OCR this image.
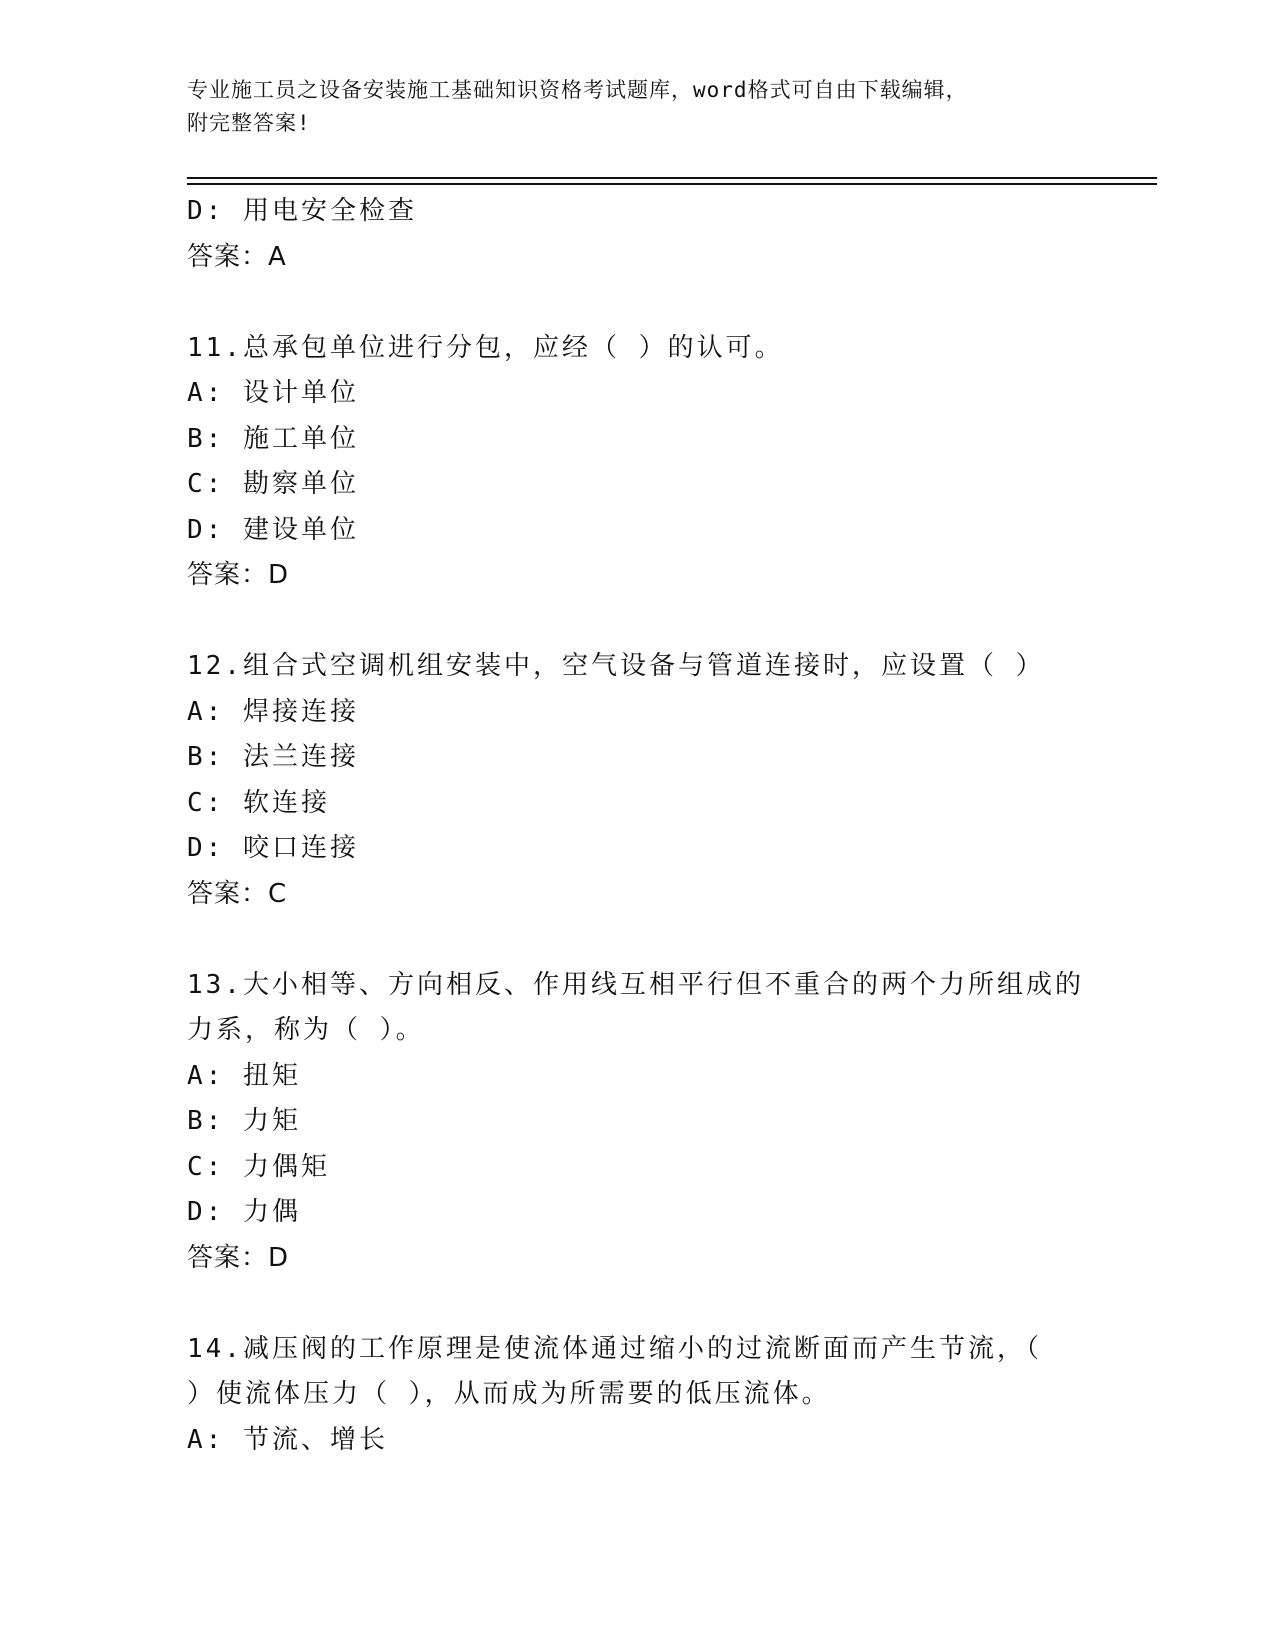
专业施工员之设备安装施工基础知识资格考试题库，word格式可自由下载编辑，
附完整答案!
D: 用电安全检查
答案：A
11.总承包单位进行分包，应经（ ）的认可。
A: 设计单位
B: 施工单位
C: 勘察单位
D: 建设单位
答案：D
12.组合式空调机组安装中，空气设备与管道连接时，应设置（ ）
A: 焊接连接
B: 法兰连接
C: 软连接
D: 咬口连接
答案：C
13.大小相等、方向相反、作用线互相平行但不重合的两个力所组成的
力系，称为（ ）。
A: 扭矩
B: 力矩
C: 力偶矩
D: 力偶
答案：D
14.减压阀的工作原理是使流体通过缩小的过流断面而产生节流，（
）使流体压力（ ），从而成为所需要的低压流体。
A: 节流、增长
